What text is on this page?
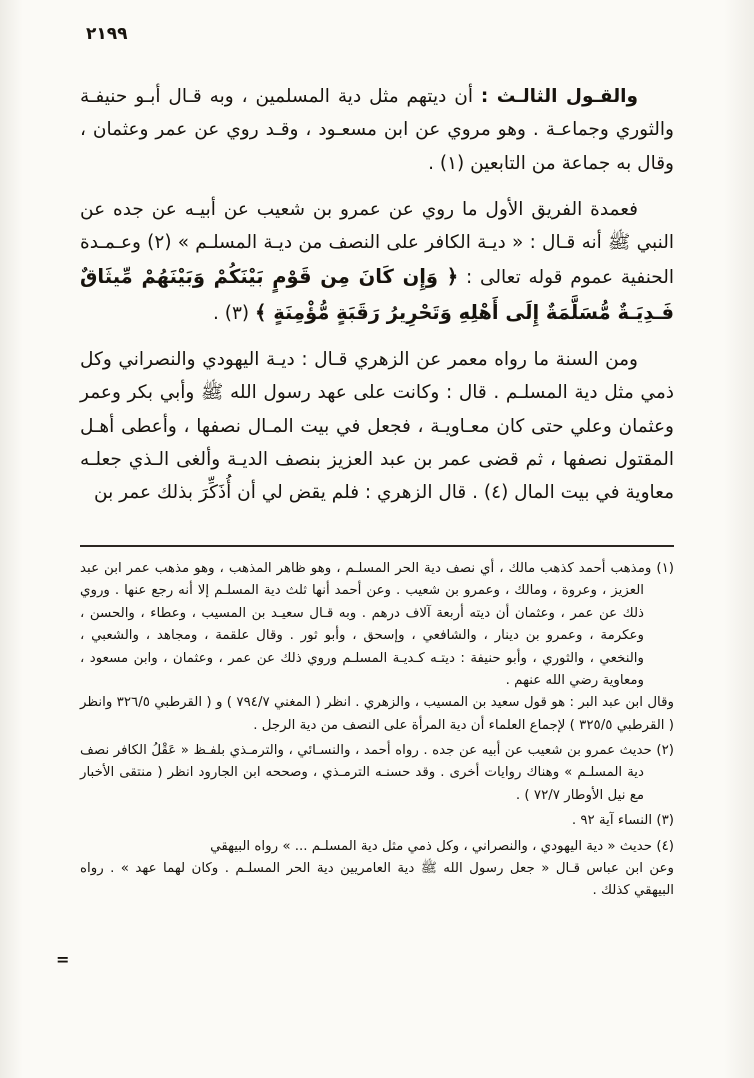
٢١٩٩

والقـول الثالـث : أن ديتهم مثل دية المسلمين ، وبه قـال أبـو حنيفـة والثوري وجماعـة . وهو مروي عن ابن مسعـود ، وقـد روي عن عمر وعثمان ، وقال به جماعة من التابعين (١) .

فعمدة الفريق الأول ما روي عن عمرو بن شعيب عن أبيـه عن جده عن النبي ﷺ أنه قـال : « ديـة الكافر على النصف من ديـة المسلـم » (٢) وعـمـدة الحنفية عموم قوله تعالى : ﴿ وَإِن كَانَ مِن قَوْمٍ بَيْنَكُمْ وَبَيْنَهُمْ مِّيثَاقٌ فَـدِيَـةٌ مُّسَلَّمَةٌ إِلَى أَهْلِهِ وَتَحْرِيرُ رَقَبَةٍ مُّؤْمِنَةٍ ﴾ (٣) .

ومن السنة ما رواه معمر عن الزهري قـال : ديـة اليهودي والنصراني وكل ذمي مثل دية المسلـم . قال : وكانت على عهد رسول الله ﷺ وأبي بكر وعمر وعثمان وعلي حتى كان معـاويـة ، فجعل في بيت المـال نصفها ، وأعطى أهـل المقتول نصفها ، ثم قضى عمر بن عبد العزيز بنصف الديـة وألغى الـذي جعلـه معاوية في بيت المال (٤) . قال الزهري : فلم يقض لي أن أُذَكِّرَ بذلك عمر بن

(١) ومذهب أحمد كذهب مالك ، أي نصف دية الحر المسلـم ، وهو ظاهر المذهب ، وهو مذهب عمر ابن عبد العزيز ، وعروة ، ومالك ، وعمرو بن شعيب . وعن أحمد أنها ثلث دية المسلـم إلا أنه رجع عنها . وروي ذلك عن عمر ، وعثمان أن ديته أربعة آلاف درهم . وبه قـال سعيـد بن المسيب ، وعطاء ، والحسن ، وعكرمة ، وعمرو بن دينار ، والشافعي ، وإسحق ، وأبو ثور . وقال علقمة ، ومجاهد ، والشعبي ، والنخعي ، والثوري ، وأبو حنيفة : ديتـه كـديـة المسلـم وروي ذلك عن عمر ، وعثمان ، وابن مسعود ، ومعاوية رضي الله عنهم .

وقال ابن عبد البر : هو قول سعيد بن المسيب ، والزهري . انظر ( المغني ٧٩٤/٧ ) و ( القرطبي ٣٢٦/٥ وانظر ( القرطبي ٣٢٥/٥ ) لإجماع العلماء أن دية المرأة على النصف من دية الرجل .

(٢) حديث عمرو بن شعيب عن أبيه عن جده . رواه أحمد ، والنسـائي ، والترمـذي بلفـظ « عَقْلُ الكافر نصف دية المسلـم » وهناك روايات أخرى . وقد حسنـه الترمـذي ، وصححه ابن الجارود انظر ( منتقى الأخبار مع نيل الأوطار ٧٢/٧ ) .

(٣) النساء آية ٩٢ .

(٤) حديث « دية اليهودي ، والنصراني ، وكل ذمي مثل دية المسلـم ... » رواه البيهقي

وعن ابن عباس قـال « جعل رسول الله ﷺ دية العامريين دية الحر المسلـم . وكان لهما عهد » . رواه البيهقي كذلك .

=
